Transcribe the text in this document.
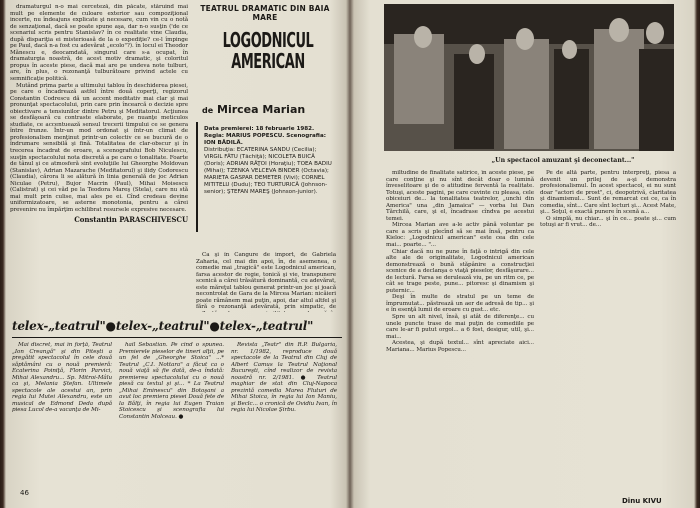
dramaturgul n-o mai cerceteză, din păcate, stăruind mai mult pe elemente de culoare exterior sau compoziţional incerte, nu îndeajuns explicate şi necesare, cum vin cu o notă de senzaţional, dacă se poate spune aşa, dar n-o susţin ('de ce scenariul scris pentru Stanislav? în ce realitate vine Claudia, după dispariţia ei misterioasă de la o expediţie? ce-l împinge pe Paul, dacă n-a fost cu adevărat „ecolo"?). în locul ei Theodor Mănescu e, deocamdată, singurul care s-a ocupat, în dramaturgia noastră, de acest motiv dramatic, şi coloritul propus în aceste piese, dacă mai are pe undeva note tulburi, are, în plus, o rezonanţă tulburătoare privind actele cu semnificaţie politică.

Mutând prima parte a ultimului tablou în deschiderea piesei, pe care o încadrează astfel între două coperţi, regizorul Constantin Codrescu dă un accent meditativ mai clar şi mai pronunţat spectacolului, prin care prin încearcă o decizie spre obiectivare a tensiunilor dintre Petru şi Meditatorul. Acţiunea se desfăşoară cu contraste elaborate, pe nuanţe meticulos studiate, ce accentuează sensul trecerii timpului ce se genera între frunze. Într-un mod ordonat şi într-un climat de profesionalism menţinut printr-un colectiv ce se bucură de o îndrumare sensibilă şi fină. Totalitatea de clar-obscur şi în trecerea încadrat de eroare, a scenografului Bob Niculescu, susţin spectacolului nota discretă a pe care o tonalitate. Foarte de tânul şi ce atmosferă sint evoluţiile lui Gheorghe Moldovan (Stanislav), Adrian Mazarache (Meditatorul) şi ilidy Codorescu (Claudia), cărora li se alătură în linia generală de joc Adrian Niculae (Petru), Bujor Macrin (Paul), Mihai Moisescu (Calistrat) şi cei văd pe la Teodora Mareş (Stela), care nu stă mai mult prin culise, mai ales pe ei. Cînd credeau devine uniformizatoare, se asterne monotonia, pentru a cărei prevenire nu împărţim echilibrat resursele expresive necesare.

Constantin PARASCHIVESCU
TEATRUL DRAMATIC DIN BAIA MARE
LOGODNICUL
AMERICAN
de Mircea Marian
Data premierei: 18 februarie 1982.
Regia: MARIUS POPESCU. Scenografia: ION BĂDILĂ.
Distribuţia: ECATERINA SANDU (Cecilia); VIRGIL FĂTU (Tăchiţă); NICOLETA BUICĂ (Doris); ADRIAN RĂŢOI (Horaţiu); TOEA BADIU (Mihai); TZENKA VELCEVA BINDER (Octavia); MARIETA GASPAR DEMETER (Vivi); CORNEL MITITELU (Dudu); TEO TURTURICĂ (Johnson-senior); ŞTEFAN MAREŞ (Johnson-junior).

Ca şi în Cangure de import, de Gabriela Zaharia, cel mai din apoi, în, de asemenea, o comedie mai „tragică" este Logodnicul american, farsa acestor de regie, tonică şi vie, transpunere scenică a cărei trăsătură dominantă, cu adevărat, este măreţul tablou generat printr-un joc şi joacă necontrolat de Gara de la Mircea Marian: nicăieri poate rămânem mai puţin, apoi, dar altul altfel şi fără o rezonanţă adevărată, prin simpatic, de

telex-„teatrul"●telex-„teatrul"●telex-„teatrul"

Mai discret, mai în forţă, Teatrul „Ion Creangă" şi din Piteşti a pregătit spectacolul în cele două săptămâni cu o nouă premieră: Ecaterina Poiniţă, Florin Parvici, Mihai Alexandru... Sp. Mitroi-Mâlu ca şi, Melania Ştefan. Ultimele spectacole ale acestui an, prin regia lui Mutei Alexandru, este un musical de Edmond Deda după piesa Lucol de-a vacanţa de Mi-

hail Sebastian. Pe cînd o spunea. Premierele pieselor de tineri alţii, pe un fel de „Gheorghe Stoica" ...* Teatrul „C.I. Nottara" a făcut ca o nouă viaţă să fie dată, de-a îndată: premierea spectacolului cu o nouă piesă cu textul şi şi... * La Teatrul „Mihai Eminescu" din Botoşani a avut loc premiera piesei Două fete de la Bălţi, în regia lui Eugen Traian Stoicescu şi scenografia lui Constantin Molceau. ●

Revista „Teatr" din R.P. Bulgaria, nr. 1/1982, reproduce două spectacole de la Teatrul din Cluj de Albert Camus la Teatrul Naţional Bucureşti, cînd realizor de revista noastră nr. 2/1981. ● Teatrul maghiar de stat din Cluj-Napoca prezintă comedia Marea Fluturi de Mihai Stoica, în regia lui Ion Maniu, şi Beclc... o cronică de Ovidiu Ivan, în regia lui Nicolae Şirbu.

46
„Un spectacol amuzant şi deconectant..."

miltudine de finalitate satirice, în aceste piese, pe care conţine şi nu sînt decât doar o lumină înveselitoare şi de o atitudine ferventă la realitate. Totuşi, aceste pagini, pe care cuvinte cu pleasa, cele obiceiuri de... la tonalitatea teatrelor, „unchi din America" una „din Jamaica" — vorba lui Dan Tărchilă, care, şi el, încadrase cîndva pe acestui temei.

Mircea Marian ave a-le activ până voluntar pe care a scris şi plecînd să se mai însă, pentru ca Kieloc: „Logodnicul american" este cea din cele mai... poarte... "...

Chiar dacă nu ne pune în faţă o intrigă din cele alte ale de originalitate, Logodnicul american demonstrează o bună stăpânire a construcţiei scenice de a declanşa o viaţă pieselor, desfăşurare... de lectură. Farsa se derulează viu, pe un ritm ce, pe cât se trage peste, pune... pitoresc şi dinamism şi puternic...

Deşi în multe de stratul pe un teme de împrumutat... păstrează un aer de adresă de tip... şi e în esenţă lumii de eroare cu gust... etc.

Spre un alt nivel, însă, şi atât de diferenţe... cu unele puncte trase de mai puţin de comediile pe care le-ar fi putut orgol... a 6 fost, desigur, util, şi... mai...

Acestea, şi după textul... sînt apreciate aici... Mariana... Marius Popescu...

Pe de altă parte, pentru interpreţi, piesa a devenit un prilej de a-şi demonstra profesionalismul. În acest spectacol, ei nu sunt doar "actori de prost", ci, deopotrivă, claritatea şi dinamismul... Sunt de remarcat cei ce, ca în comedia, sînt... Care sînt lecturi şi... Acest Mate, şi... Soţul, e exactă punere în scenă a...

O simplă, nu chiar... şi în ce... poate şi... cum totuşi ar fi vrut... de...

Dinu KIVU
